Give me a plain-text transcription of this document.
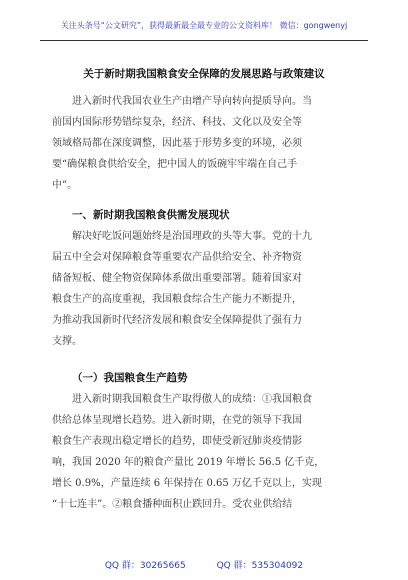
关注头条号“公文研究”，获得最新最全最专业的公文资料库！ 微信：gongwenyj
关于新时期我国粮食安全保障的发展思路与政策建议
进入新时代我国农业生产由增产导向转向提质导向。当
前国内国际形势错综复杂，经济、科技、文化以及安全等
领域格局都在深度调整，因此基于形势多变的环境，必须
要“确保粮食供给安全，把中国人的饭碗牢牢端在自己手
中”。
一、新时期我国粮食供需发展现状
解决好吃饭问题始终是治国理政的头等大事。党的十九
届五中全会对保障粮食等重要农产品供给安全、补齐物资
储备短板、健全物资保障体系做出重要部署。随着国家对
粮食生产的高度重视，我国粮食综合生产能力不断提升，
为推动我国新时代经济发展和粮食安全保障提供了强有力
支撑。
（一）我国粮食生产趋势
进入新时期我国粮食生产取得傲人的成绩：①我国粮食
供给总体呈现增长趋势。进入新时期，在党的领导下我国
粮食生产表现出稳定增长的趋势，即使受新冠肺炎疫情影
响，我国 2020 年的粮食产量比 2019 年增长 56.5 亿千克，
增长 0.9%，产量连续 6 年保持在 0.65 万亿千克以上，实现
“十七连丰”。②粮食播种面积止跌回升。受农业供给结
QQ 群：30265665	QQ 群：535304092
